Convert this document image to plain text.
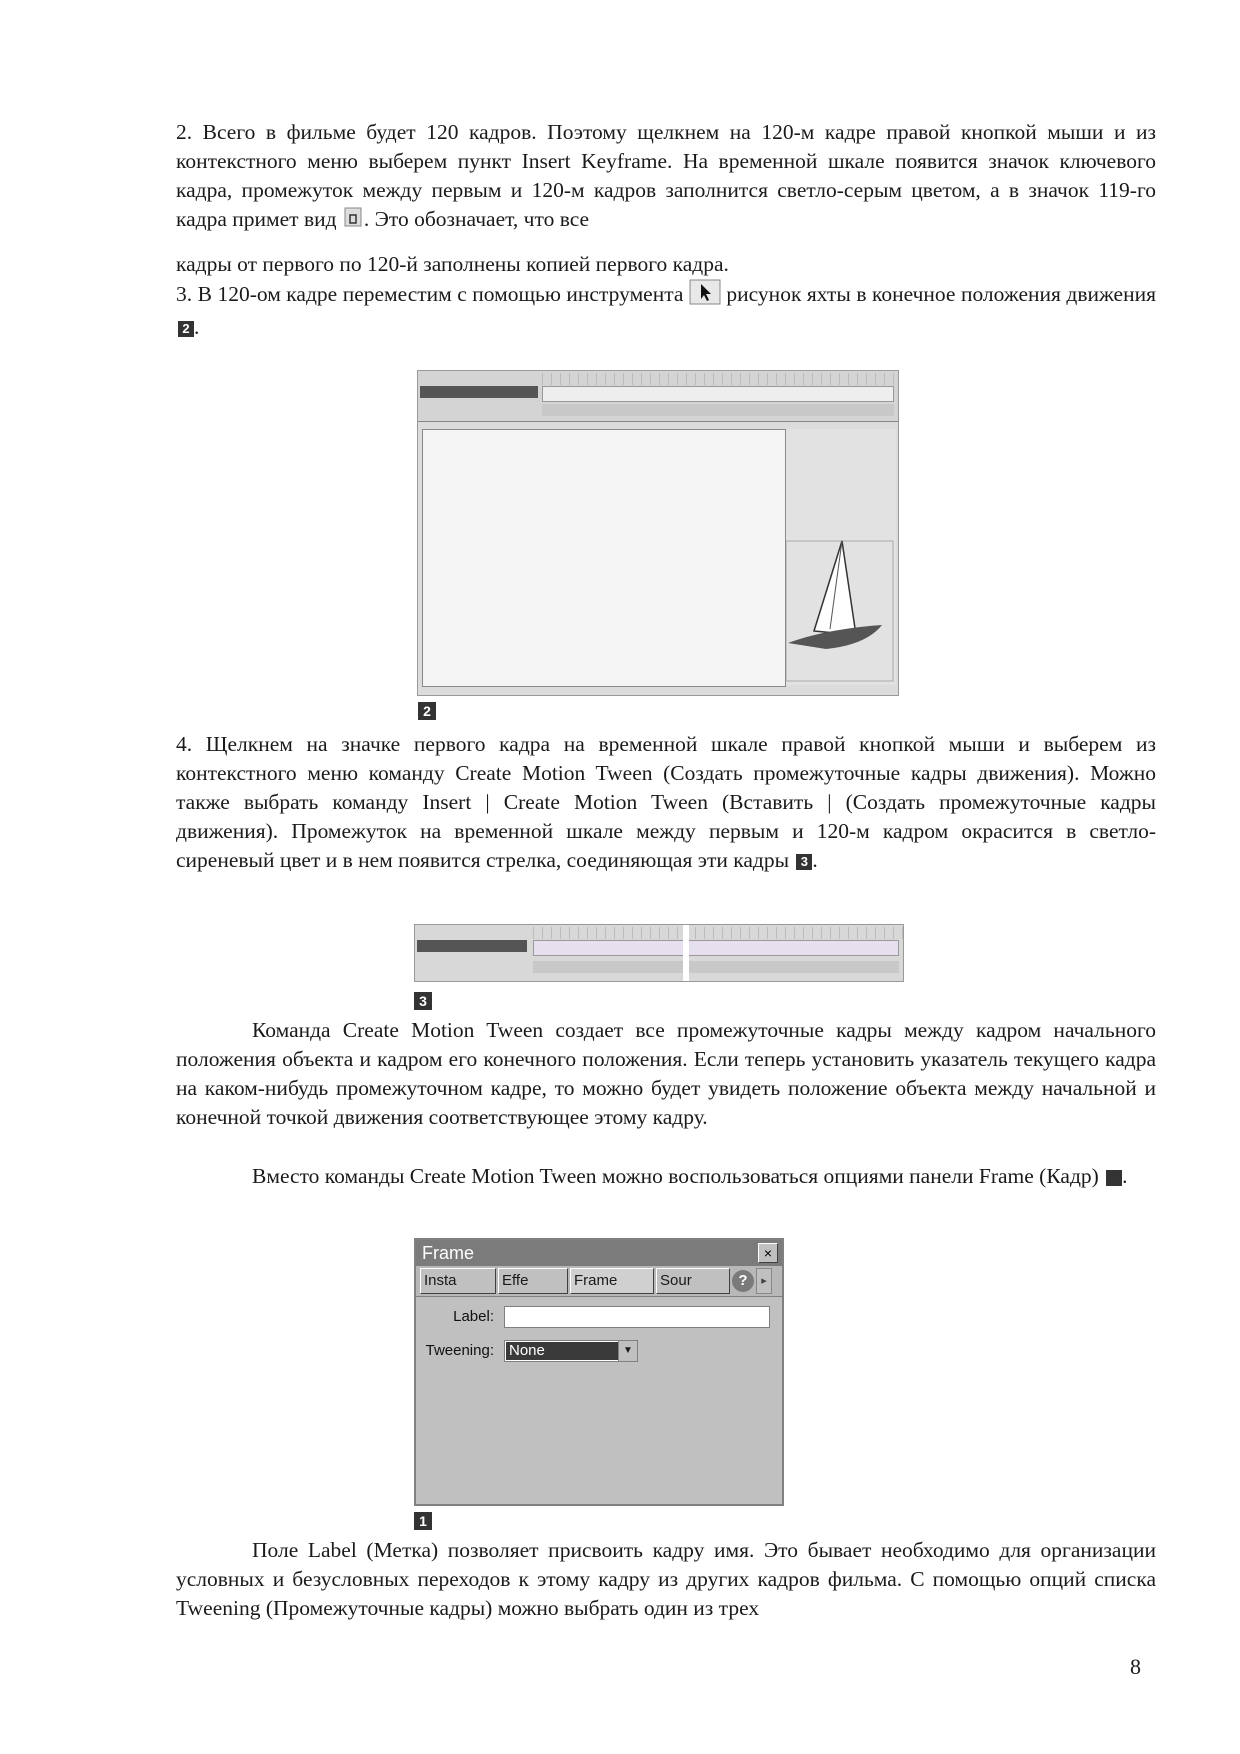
2. Всего в фильме будет 120 кадров. Поэтому щелкнем на 120-м кадре правой кнопкой мыши и из контекстного меню выберем пункт Insert Keyframe. На временной шкале появится значок ключевого кадра, промежуток между первым и 120-м кадров заполнится светло-серым цветом, а в значок 119-го кадра примет вид . Это обозначает, что все

кадры от первого по 120-й заполнены копией первого кадра.

3. В 120-ом кадре переместим с помощью инструмента рисунок яхты в конечное положения движения 2 .

2

4. Щелкнем на значке первого кадра на временной шкале правой кнопкой мыши и выберем из контекстного меню команду Create Motion Tween (Создать промежуточные кадры движения). Можно также выбрать команду Insert | Create Motion Tween (Вставить | (Создать промежуточные кадры движения). Промежуток на временной шкале между первым и 120-м кадром окрасится в светло-сиреневый цвет и в нем появится стрелка, соединяющая эти кадры 3 .

3

Команда Create Motion Tween создает все промежуточные кадры между кадром начального положения объекта и кадром его конечного положения. Если теперь установить указатель текущего кадра на каком-нибудь промежуточном кадре, то можно будет увидеть положение объекта между начальной и конечной точкой движения соответствующее этому кадру.

Вместо команды Create Motion Tween можно воспользоваться опциями панели Frame (Кадр)	1.

Frame	×
Insta	Effe	Frame	Sour	?	▸
Label:
Tweening: None	▼
1

Поле Label (Метка) позволяет присвоить кадру имя. Это бывает необходимо для организации условных и безусловных переходов к этому кадру из других кадров фильма. С помощью опций списка Tweening (Промежуточные кадры) можно выбрать один из трех

8
